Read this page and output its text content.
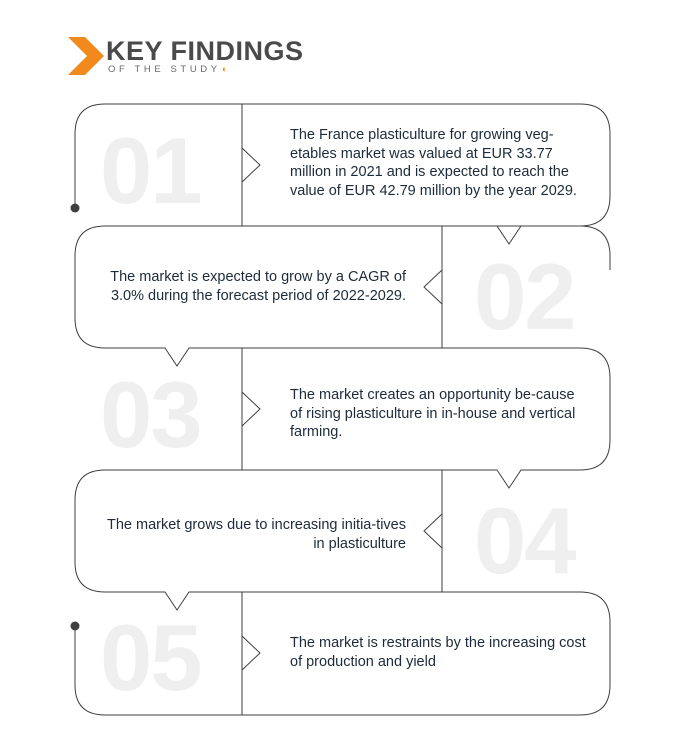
KEY FINDINGS
OF THE STUDY◖
01
02
03
04
05
The France plasticulture for growing veg-etables market was valued at EUR 33.77 million in 2021 and is expected to reach the value of EUR 42.79 million by the year 2029.
The market is expected to grow by a CAGR of 3.0% during the forecast period of 2022-2029.
The market creates an opportunity be-cause of rising plasticulture in in-house and vertical farming.
The market grows due to increasing initia-tives in plasticulture
The market is restraints by the increasing cost of production and yield
